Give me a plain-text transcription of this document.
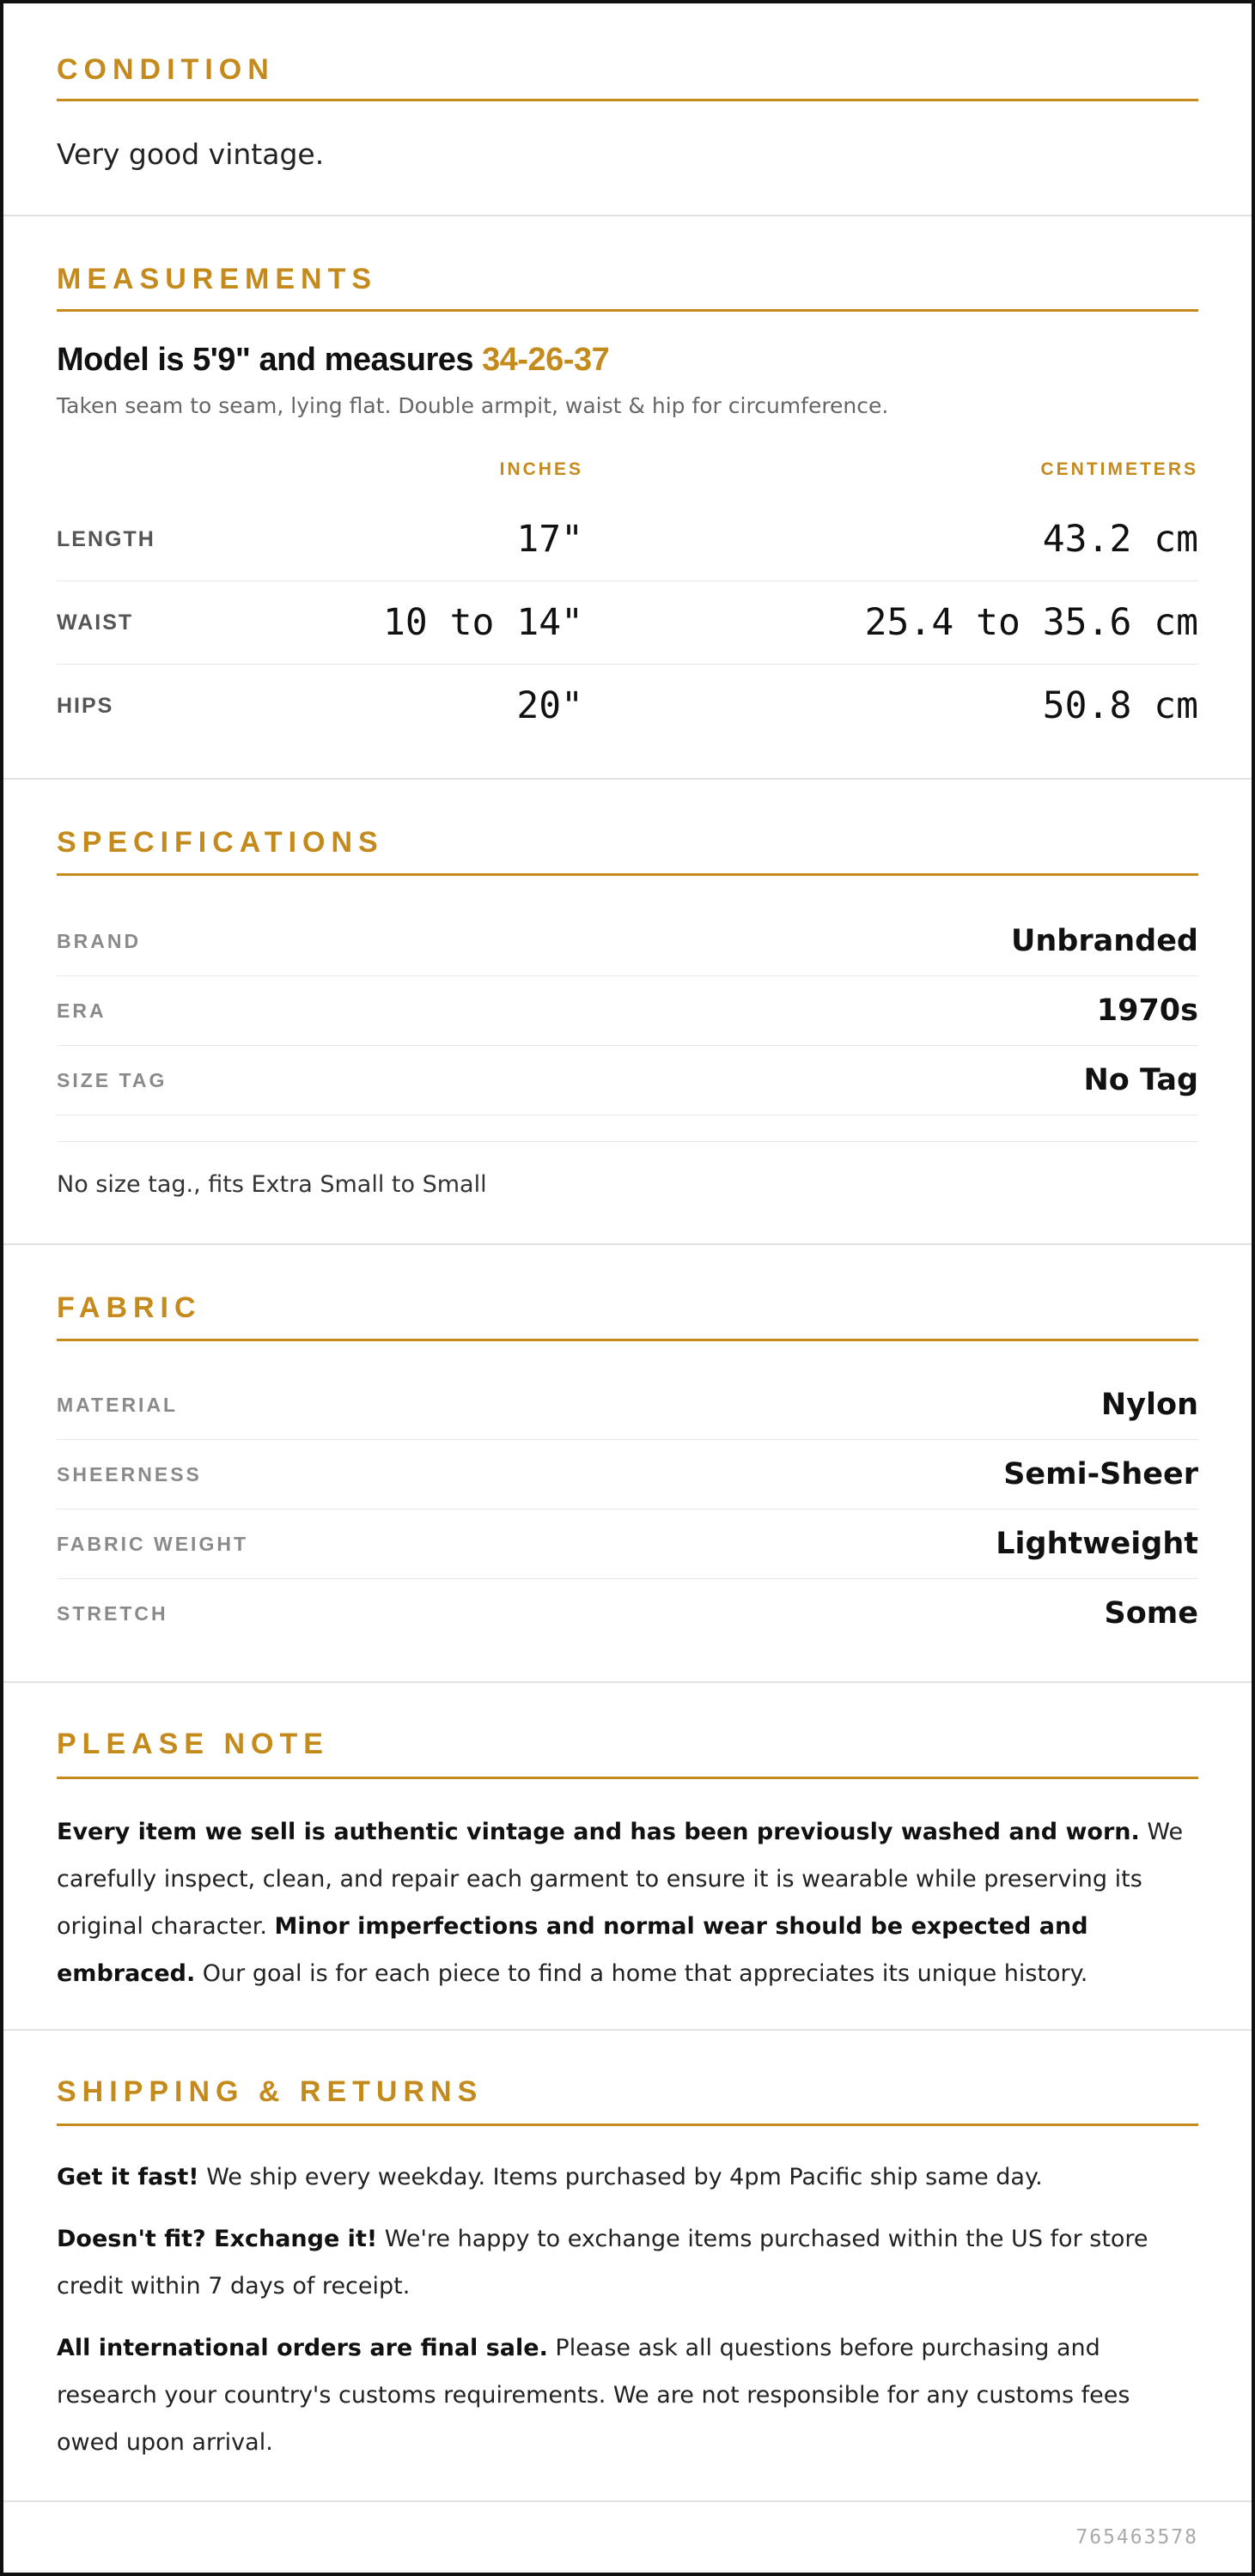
CONDITION
Very good vintage.
MEASUREMENTS
Model is 5'9" and measures 34-26-37
Taken seam to seam, lying flat. Double armpit, waist & hip for circumference.
INCHES	CENTIMETERS
LENGTH	17"	43.2 cm
WAIST	10 to 14"	25.4 to 35.6 cm
HIPS	20"	50.8 cm
SPECIFICATIONS
BRAND	Unbranded
ERA	1970s
SIZE TAG	No Tag
No size tag., fits Extra Small to Small
FABRIC
MATERIAL	Nylon
SHEERNESS	Semi-Sheer
FABRIC WEIGHT	Lightweight
STRETCH	Some
PLEASE NOTE
Every item we sell is authentic vintage and has been previously washed and worn. We carefully inspect, clean, and repair each garment to ensure it is wearable while preserving its original character. Minor imperfections and normal wear should be expected and embraced. Our goal is for each piece to find a home that appreciates its unique history.
SHIPPING & RETURNS
Get it fast! We ship every weekday. Items purchased by 4pm Pacific ship same day.
Doesn't fit? Exchange it! We're happy to exchange items purchased within the US for store credit within 7 days of receipt.
All international orders are final sale. Please ask all questions before purchasing and research your country's customs requirements. We are not responsible for any customs fees owed upon arrival.
765463578
